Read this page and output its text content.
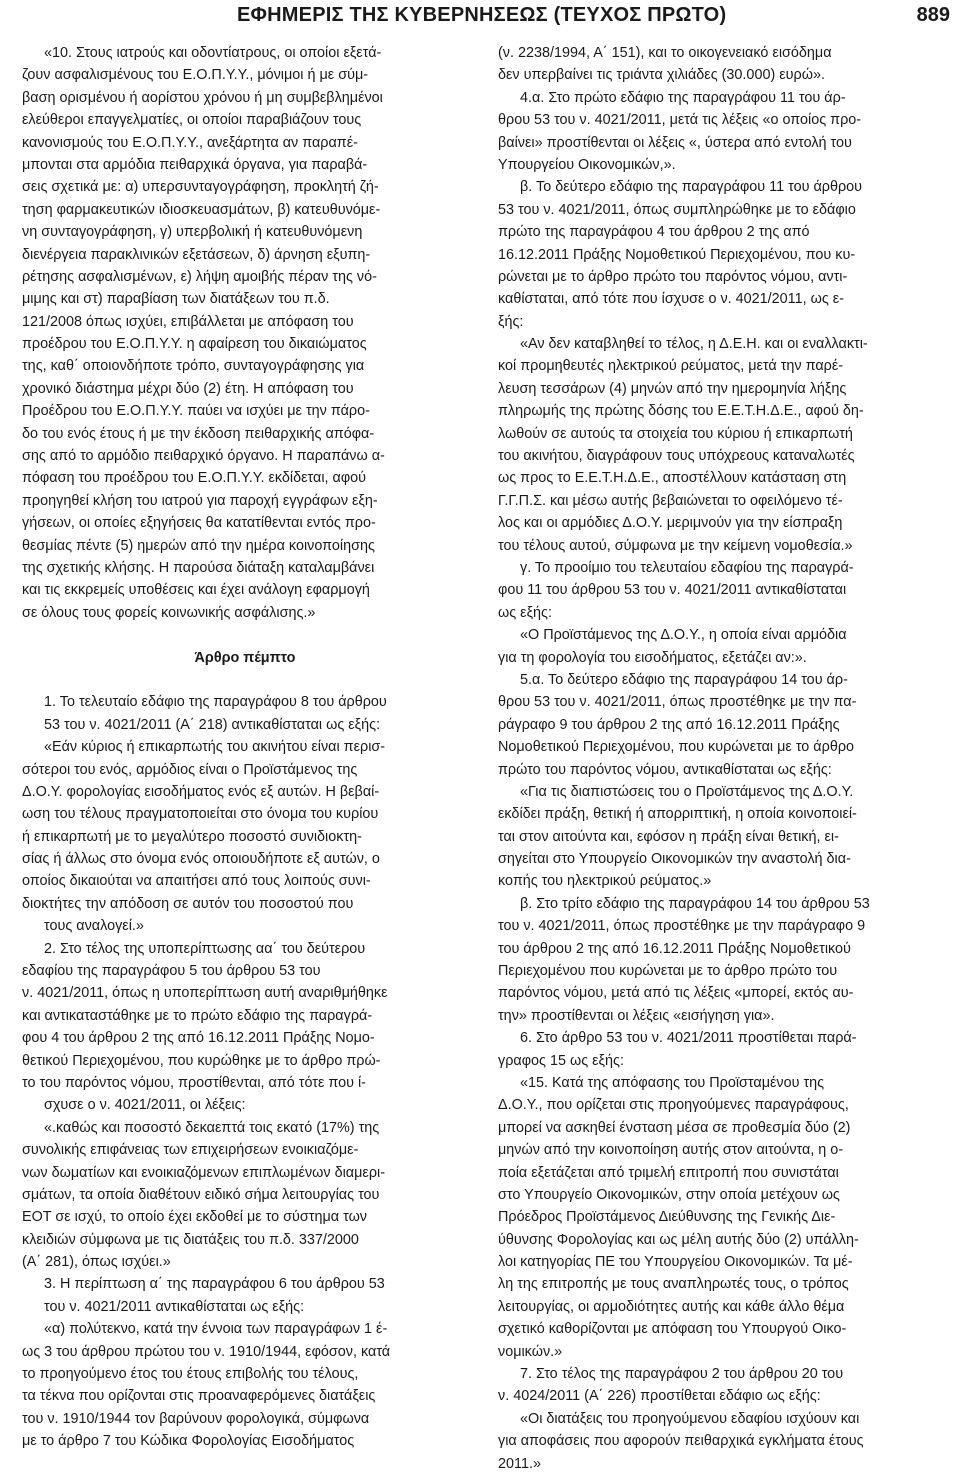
ΕΦΗΜΕΡΙΣ ΤΗΣ ΚΥΒΕΡΝΗΣΕΩΣ (ΤΕΥΧΟΣ ΠΡΩΤΟ)	889
«10. Στους ιατρούς και οδοντίατρους, οι οποίοι εξετά-
ζουν ασφαλισμένους του Ε.Ο.Π.Υ.Υ., μόνιμοι ή με σύμ-
βαση ορισμένου ή αορίστου χρόνου ή μη συμβεβλημένοι
ελεύθεροι επαγγελματίες, οι οποίοι παραβιάζουν τους
κανονισμούς του Ε.Ο.Π.Υ.Υ., ανεξάρτητα αν παραπέ-
μπονται στα αρμόδια πειθαρχικά όργανα, για παραβά-
σεις σχετικά με: α) υπερσυνταγογράφηση, προκλητή ζή-
τηση φαρμακευτικών ιδιοσκευασμάτων, β) κατευθυνόμε-
νη συνταγογράφηση, γ) υπερβολική ή κατευθυνόμενη
διενέργεια παρακλινικών εξετάσεων, δ) άρνηση εξυπη-
ρέτησης ασφαλισμένων, ε) λήψη αμοιβής πέραν της νό-
μιμης και στ) παραβίαση των διατάξεων του π.δ.
121/2008 όπως ισχύει, επιβάλλεται με απόφαση του
προέδρου του Ε.Ο.Π.Υ.Υ. η αφαίρεση του δικαιώματος
της, καθ΄ οποιονδήποτε τρόπο, συνταγογράφησης για
χρονικό διάστημα μέχρι δύο (2) έτη. Η απόφαση του
Προέδρου του Ε.Ο.Π.Υ.Υ. παύει να ισχύει με την πάρο-
δο του ενός έτους ή με την έκδοση πειθαρχικής απόφα-
σης από το αρμόδιο πειθαρχικό όργανο. Η παραπάνω α-
πόφαση του προέδρου του Ε.Ο.Π.Υ.Υ. εκδίδεται, αφού
προηγηθεί κλήση του ιατρού για παροχή εγγράφων εξη-
γήσεων, οι οποίες εξηγήσεις θα κατατίθενται εντός προ-
θεσμίας πέντε (5) ημερών από την ημέρα κοινοποίησης
της σχετικής κλήσης. Η παρούσα διάταξη καταλαμβάνει
και τις εκκρεμείς υποθέσεις και έχει ανάλογη εφαρμογή
σε όλους τους φορείς κοινωνικής ασφάλισης.»
Άρθρο πέμπτο
1. Το τελευταίο εδάφιο της παραγράφου 8 του άρθρου
53 του ν. 4021/2011 (Α΄ 218) αντικαθίσταται ως εξής:
«Εάν κύριος ή επικαρπωτής του ακινήτου είναι περισ-
σότεροι του ενός, αρμόδιος είναι ο Προϊστάμενος της
Δ.Ο.Υ. φορολογίας εισοδήματος ενός εξ αυτών. Η βεβαί-
ωση του τέλους πραγματοποιείται στο όνομα του κυρίου
ή επικαρπωτή με το μεγαλύτερο ποσοστό συνιδιοκτη-
σίας ή άλλως στο όνομα ενός οποιουδήποτε εξ αυτών, ο
οποίος δικαιούται να απαιτήσει από τους λοιπούς συνι-
διοκτήτες την απόδοση σε αυτόν του ποσοστού που
τους αναλογεί.»
2. Στο τέλος της υποπερίπτωσης αα΄ του δεύτερου
εδαφίου της παραγράφου 5 του άρθρου 53 του
ν. 4021/2011, όπως η υποπερίπτωση αυτή αναριθμήθηκε
και αντικαταστάθηκε με το πρώτο εδάφιο της παραγρά-
φου 4 του άρθρου 2 της από 16.12.2011 Πράξης Νομο-
θετικού Περιεχομένου, που κυρώθηκε με το άρθρο πρώ-
το του παρόντος νόμου, προστίθενται, από τότε που ί-
σχυσε ο ν. 4021/2011, οι λέξεις:
«.καθώς και ποσοστό δεκαεπτά τοις εκατό (17%) της
συνολικής επιφάνειας των επιχειρήσεων ενοικιαζόμε-
νων δωματίων και ενοικιαζόμενων επιπλωμένων διαμερι-
σμάτων, τα οποία διαθέτουν ειδικό σήμα λειτουργίας του
ΕΟΤ σε ισχύ, το οποίο έχει εκδοθεί με το σύστημα των
κλειδιών σύμφωνα με τις διατάξεις του π.δ. 337/2000
(Α΄ 281), όπως ισχύει.»
3. Η περίπτωση α΄ της παραγράφου 6 του άρθρου 53
του ν. 4021/2011 αντικαθίσταται ως εξής:
«α) πολύτεκνο, κατά την έννοια των παραγράφων 1 έ-
ως 3 του άρθρου πρώτου του ν. 1910/1944, εφόσον, κατά
το προηγούμενο έτος του έτους επιβολής του τέλους,
τα τέκνα που ορίζονται στις προαναφερόμενες διατάξεις
του ν. 1910/1944 τον βαρύνουν φορολογικά, σύμφωνα
με το άρθρο 7 του Κώδικα Φορολογίας Εισοδήματος
(ν. 2238/1994, Α΄ 151), και το οικογενειακό εισόδημα
δεν υπερβαίνει τις τριάντα χιλιάδες (30.000) ευρώ».
4.α. Στο πρώτο εδάφιο της παραγράφου 11 του άρ-
θρου 53 του ν. 4021/2011, μετά τις λέξεις «ο οποίος προ-
βαίνει» προστίθενται οι λέξεις «, ύστερα από εντολή του
Υπουργείου Οικονομικών,».
β. Το δεύτερο εδάφιο της παραγράφου 11 του άρθρου
53 του ν. 4021/2011, όπως συμπληρώθηκε με το εδάφιο
πρώτο της παραγράφου 4 του άρθρου 2 της από
16.12.2011 Πράξης Νομοθετικού Περιεχομένου, που κυ-
ρώνεται με το άρθρο πρώτο του παρόντος νόμου, αντι-
καθίσταται, από τότε που ίσχυσε ο ν. 4021/2011, ως ε-
ξής:
«Αν δεν καταβληθεί το τέλος, η Δ.Ε.Η. και οι εναλλακτι-
κοί προμηθευτές ηλεκτρικού ρεύματος, μετά την παρέ-
λευση τεσσάρων (4) μηνών από την ημερομηνία λήξης
πληρωμής της πρώτης δόσης του Ε.Ε.Τ.Η.Δ.Ε., αφού δη-
λωθούν σε αυτούς τα στοιχεία του κύριου ή επικαρπωτή
του ακινήτου, διαγράφουν τους υπόχρεους καταναλωτές
ως προς το Ε.Ε.Τ.Η.Δ.Ε., αποστέλλουν κατάσταση στη
Γ.Γ.Π.Σ. και μέσω αυτής βεβαιώνεται το οφειλόμενο τέ-
λος και οι αρμόδιες Δ.Ο.Υ. μεριμνούν για την είσπραξη
του τέλους αυτού, σύμφωνα με την κείμενη νομοθεσία.»
γ. Το προοίμιο του τελευταίου εδαφίου της παραγρά-
φου 11 του άρθρου 53 του ν. 4021/2011 αντικαθίσταται
ως εξής:
«Ο Προϊστάμενος της Δ.Ο.Υ., η οποία είναι αρμόδια
για τη φορολογία του εισοδήματος, εξετάζει αν:».
5.α. Το δεύτερο εδάφιο της παραγράφου 14 του άρ-
θρου 53 του ν. 4021/2011, όπως προστέθηκε με την πα-
ράγραφο 9 του άρθρου 2 της από 16.12.2011 Πράξης
Νομοθετικού Περιεχομένου, που κυρώνεται με το άρθρο
πρώτο του παρόντος νόμου, αντικαθίσταται ως εξής:
«Για τις διαπιστώσεις του ο Προϊστάμενος της Δ.Ο.Υ.
εκδίδει πράξη, θετική ή απορριπτική, η οποία κοινοποιεί-
ται στον αιτούντα και, εφόσον η πράξη είναι θετική, ει-
σηγείται στο Υπουργείο Οικονομικών την αναστολή δια-
κοπής του ηλεκτρικού ρεύματος.»
β. Στο τρίτο εδάφιο της παραγράφου 14 του άρθρου 53
του ν. 4021/2011, όπως προστέθηκε με την παράγραφο 9
του άρθρου 2 της από 16.12.2011 Πράξης Νομοθετικού
Περιεχομένου που κυρώνεται με το άρθρο πρώτο του
παρόντος νόμου, μετά από τις λέξεις «μπορεί, εκτός αυ-
την» προστίθενται οι λέξεις «εισήγηση για».
6. Στο άρθρο 53 του ν. 4021/2011 προστίθεται παρά-
γραφος 15 ως εξής:
«15. Κατά της απόφασης του Προϊσταμένου της
Δ.Ο.Υ., που ορίζεται στις προηγούμενες παραγράφους,
μπορεί να ασκηθεί ένσταση μέσα σε προθεσμία δύο (2)
μηνών από την κοινοποίηση αυτής στον αιτούντα, η ο-
ποία εξετάζεται από τριμελή επιτροπή που συνιστάται
στο Υπουργείο Οικονομικών, στην οποία μετέχουν ως
Πρόεδρος Προϊστάμενος Διεύθυνσης της Γενικής Διε-
ύθυνσης Φορολογίας και ως μέλη αυτής δύο (2) υπάλλη-
λοι κατηγορίας ΠΕ του Υπουργείου Οικονομικών. Τα μέ-
λη της επιτροπής με τους αναπληρωτές τους, ο τρόπος
λειτουργίας, οι αρμοδιότητες αυτής και κάθε άλλο θέμα
σχετικό καθορίζονται με απόφαση του Υπουργού Οικο-
νομικών.»
7. Στο τέλος της παραγράφου 2 του άρθρου 20 του
ν. 4024/2011 (Α΄ 226) προστίθεται εδάφιο ως εξής:
«Οι διατάξεις του προηγούμενου εδαφίου ισχύουν και
για αποφάσεις που αφορούν πειθαρχικά εγκλήματα έτους
2011.»
